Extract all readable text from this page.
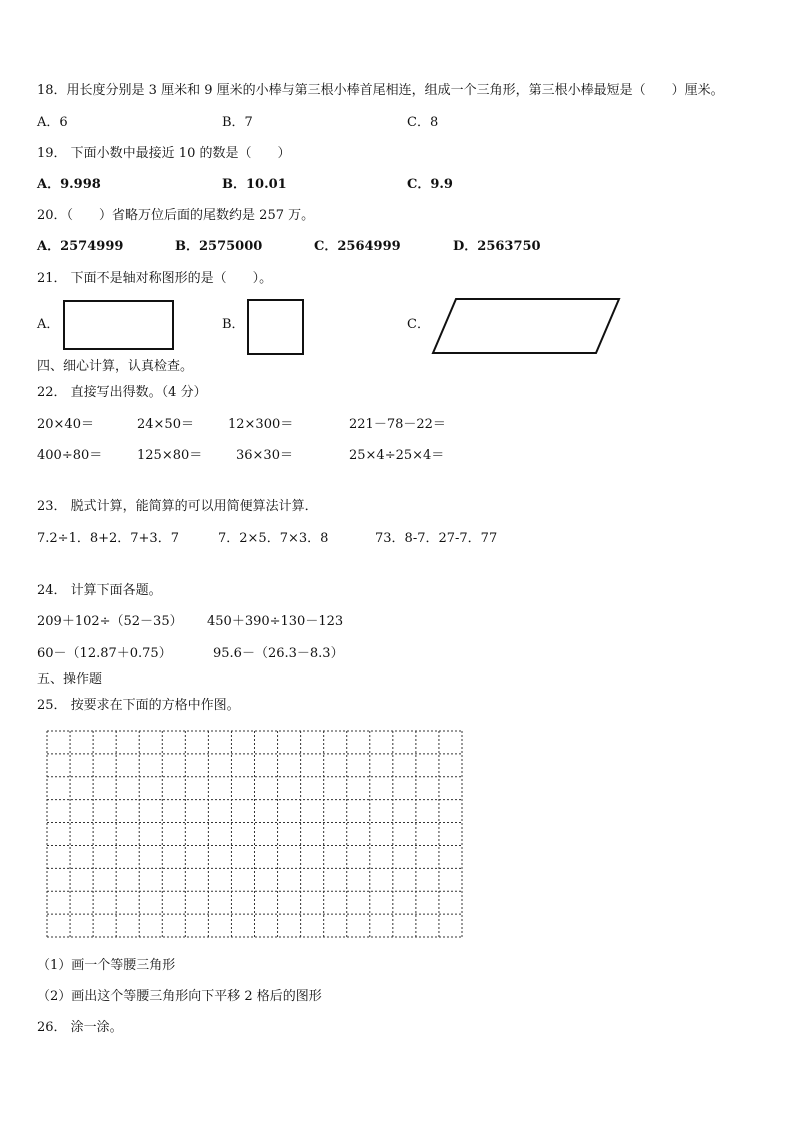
18．用长度分别是 3 厘米和 9 厘米的小棒与第三根小棒首尾相连，组成一个三角形，第三根小棒最短是（　　）厘米。
A．6	B．7	C．8
19． 下面小数中最接近 10 的数是（　　）
A．9.998	B．10.01	C．9.9
20．（　　）省略万位后面的尾数约是 257 万。
A．2574999	B．2575000	C．2564999	D．2563750
21． 下面不是轴对称图形的是（　　）。
A．	B．	C．
四、细心计算，认真检查。
22． 直接写出得数。（4 分）
20×40＝	24×50＝	12×300＝	221－78－22＝
400÷80＝	125×80＝	36×30＝	25×4÷25×4＝
23． 脱式计算，能简算的可以用简便算法计算．
7.2÷1．8+2．7+3．7	7．2×5．7×3．8	73．8-7．27-7．77
24． 计算下面各题。
209＋102÷（52－35） 450＋390÷130－123
60－（12.87＋0.75）	95.6－（26.3－8.3）
五、操作题
25． 按要求在下面的方格中作图。
（1）画一个等腰三角形
（2）画出这个等腰三角形向下平移 2 格后的图形
26． 涂一涂。
